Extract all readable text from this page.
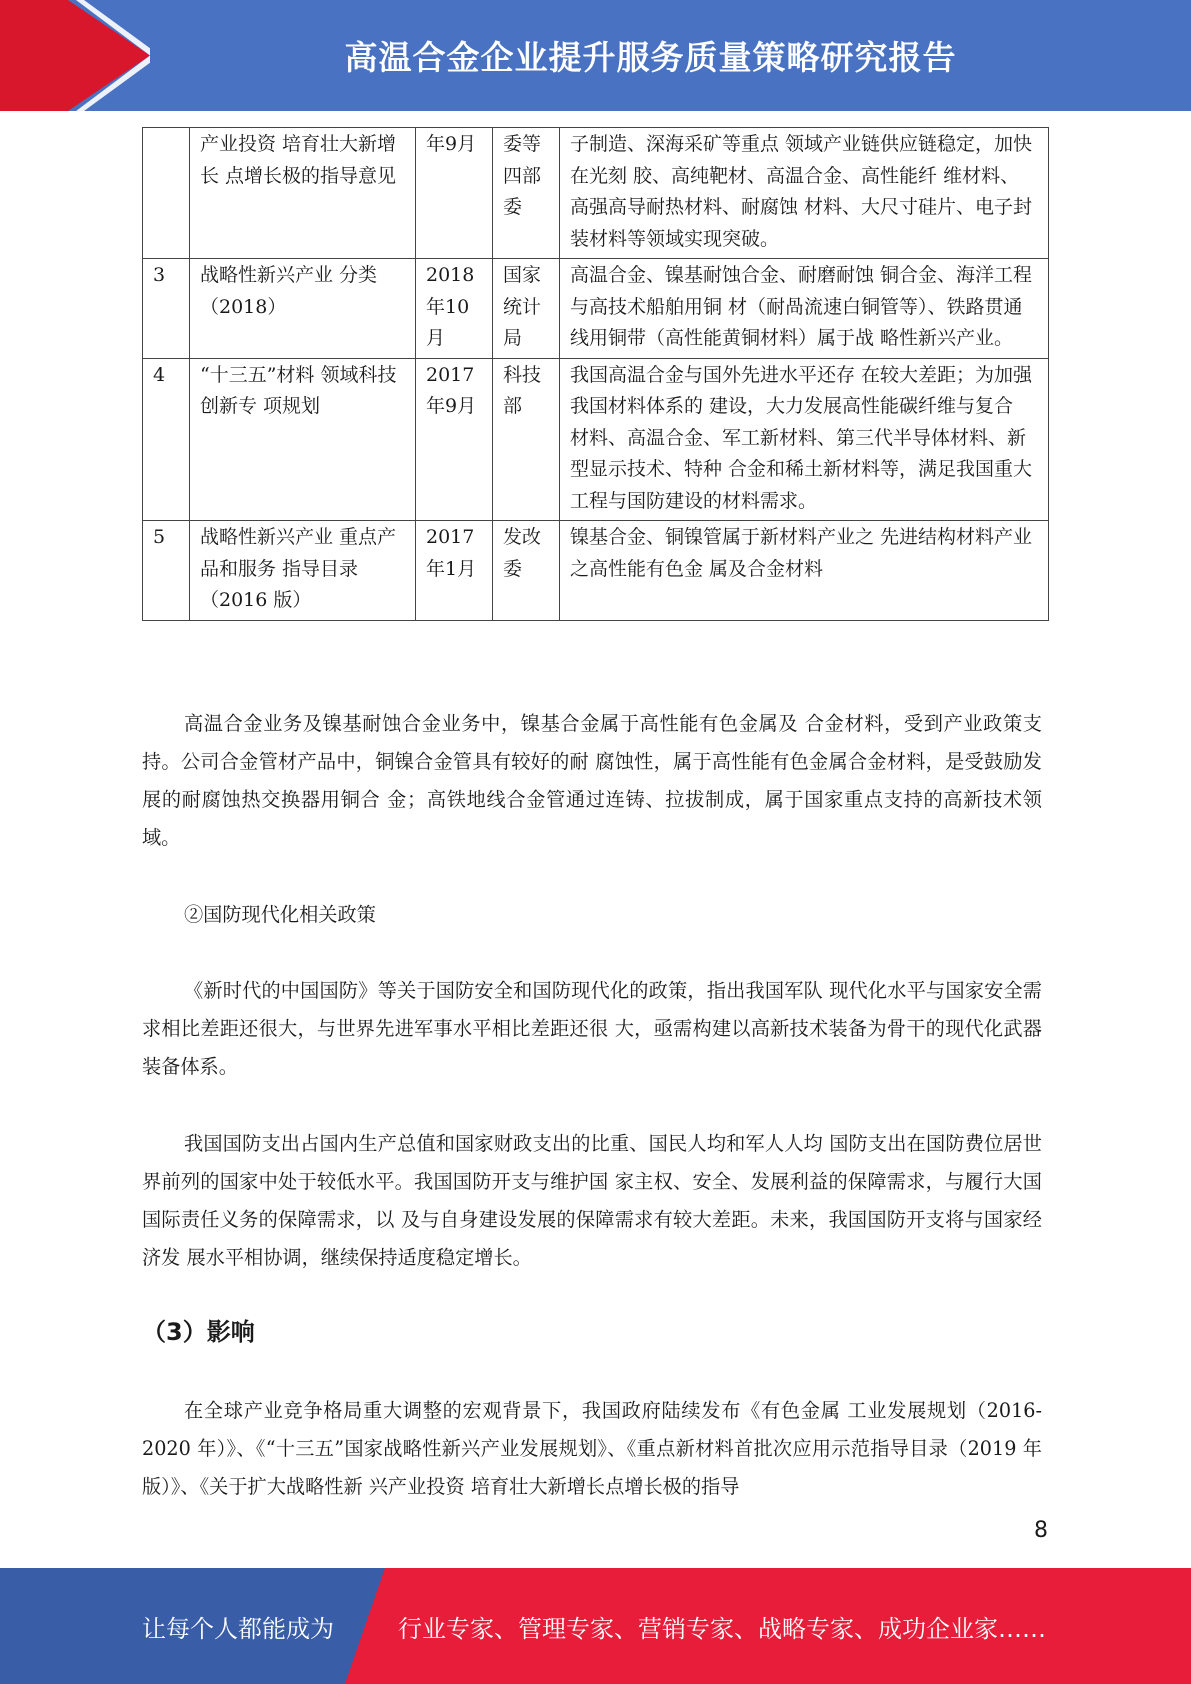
高温合金企业提升服务质量策略研究报告
	产业投资 培育壮大新增长 点增长极的指导意见	年9月	委等四部委	子制造、深海采矿等重点 领域产业链供应链稳定，加快在光刻 胶、高纯靶材、高温合金、高性能纤 维材料、高强高导耐热材料、耐腐蚀 材料、大尺寸硅片、电子封装材料等领域实现突破。
3	战略性新兴产业 分类（2018）	2018年10月	国家统计局	高温合金、镍基耐蚀合金、耐磨耐蚀 铜合金、海洋工程与高技术船舶用铜 材（耐咼流速白铜管等）、铁路贯通 线用铜带（高性能黄铜材料）属于战 略性新兴产业。
4	“十三五”材料 领域科技创新专 项规划	2017年9月	科技部	我国高温合金与国外先进水平还存 在较大差距；为加强我国材料体系的 建设，大力发展高性能碳纤维与复合 材料、高温合金、军工新材料、第三代半导体材料、新型显示技术、特种 合金和稀土新材料等，满足我国重大 工程与国防建设的材料需求。
5	战略性新兴产业 重点产品和服务 指导目录（2016 版）	2017年1月	发改委	镍基合金、铜镍管属于新材料产业之 先进结构材料产业之高性能有色金 属及合金材料

高温合金业务及镍基耐蚀合金业务中，镍基合金属于高性能有色金属及 合金材料，受到产业政策支持。公司合金管材产品中，铜镍合金管具有较好的耐 腐蚀性，属于高性能有色金属合金材料，是受鼓励发展的耐腐蚀热交换器用铜合 金；高铁地线合金管通过连铸、拉拔制成，属于国家重点支持的高新技术领域。

②国防现代化相关政策

《新时代的中国国防》等关于国防安全和国防现代化的政策，指出我国军队 现代化水平与国家安全需求相比差距还很大，与世界先进军事水平相比差距还很 大，亟需构建以高新技术装备为骨干的现代化武器装备体系。

我国国防支出占国内生产总值和国家财政支出的比重、国民人均和军人人均 国防支出在国防费位居世界前列的国家中处于较低水平。我国国防开支与维护国 家主权、安全、发展利益的保障需求，与履行大国国际责任义务的保障需求，以 及与自身建设发展的保障需求有较大差距。未来，我国国防开支将与国家经济发 展水平相协调，继续保持适度稳定增长。

（3）影响

在全球产业竞争格局重大调整的宏观背景下，我国政府陆续发布《有色金属 工业发展规划（2016-2020 年）》、《“十三五”国家战略性新兴产业发展规划》、《重点新材料首批次应用示范指导目录（2019 年版）》、《关于扩大战略性新 兴产业投资 培育壮大新增长点增长极的指导

8
让每个人都能成为	行业专家、管理专家、营销专家、战略专家、成功企业家……
